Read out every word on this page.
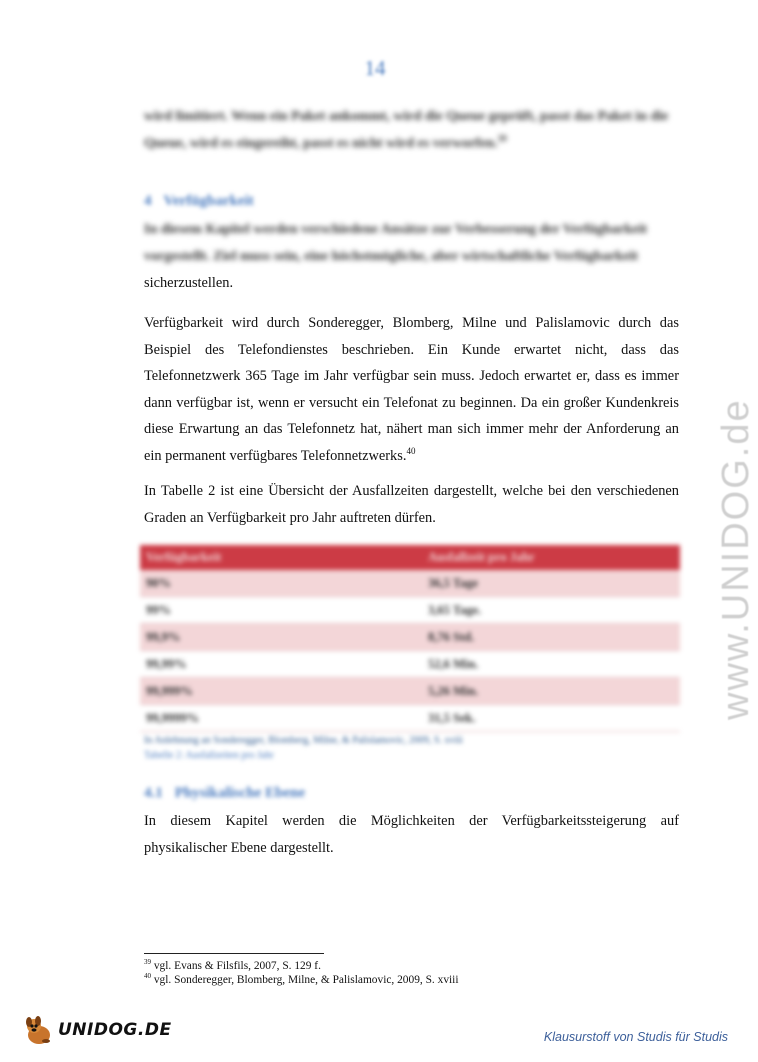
14
wird limitiert. Wenn ein Paket ankommt, wird die Queue geprüft, passt das Paket in die
Queue, wird es eingereiht, passt es nicht wird es verworfen.$^{39}$
4 Verfügbarkeit
In diesem Kapitel werden verschiedene Ansätze zur Verbesserung der Verfügbarkeit
vorgestellt. Ziel muss sein, eine höchstmögliche, aber wirtschaftliche Verfügbarkeit

sicherzustellen.

Verfügbarkeit wird durch Sonderegger, Blomberg, Milne und Palislamovic durch das Beispiel des Telefondienstes beschrieben. Ein Kunde erwartet nicht, dass das Telefonnetzwerk 365 Tage im Jahr verfügbar sein muss. Jedoch erwartet er, dass es immer dann verfügbar ist, wenn er versucht ein Telefonat zu beginnen. Da ein großer Kundenkreis diese Erwartung an das Telefonnetz hat, nähert man sich immer mehr der Anforderung an ein permanent verfügbares Telefonnetzwerks.$^{40}$

In Tabelle 2 ist eine Übersicht der Ausfallzeiten dargestellt, welche bei den verschiedenen Graden an Verfügbarkeit pro Jahr auftreten dürfen.

Verfügbarkeit	Ausfallzeit pro Jahr
90%	36,5 Tage
99%	3,65 Tage.
99,9%	8,76 Std.
99,99%	52,6 Min.
99,999%	5,26 Min.
99,9999%	31,5 Sek.
In Anlehnung an Sonderegger, Blomberg, Milne, & Palislamovic, 2009, S. xviii
Tabelle 2: Ausfallzeiten pro Jahr
4.1 Physikalische Ebene

In diesem Kapitel werden die Möglichkeiten der Verfügbarkeitssteigerung auf physikalischer Ebene dargestellt.

$^{39}$ vgl. Evans & Filsfils, 2007, S. 129 f.
$^{40}$ vgl. Sonderegger, Blomberg, Milne, & Palislamovic, 2009, S. xviii
www.UNIDOG.de
UNIDOG.DE	Klausurstoff von Studis für Studis
